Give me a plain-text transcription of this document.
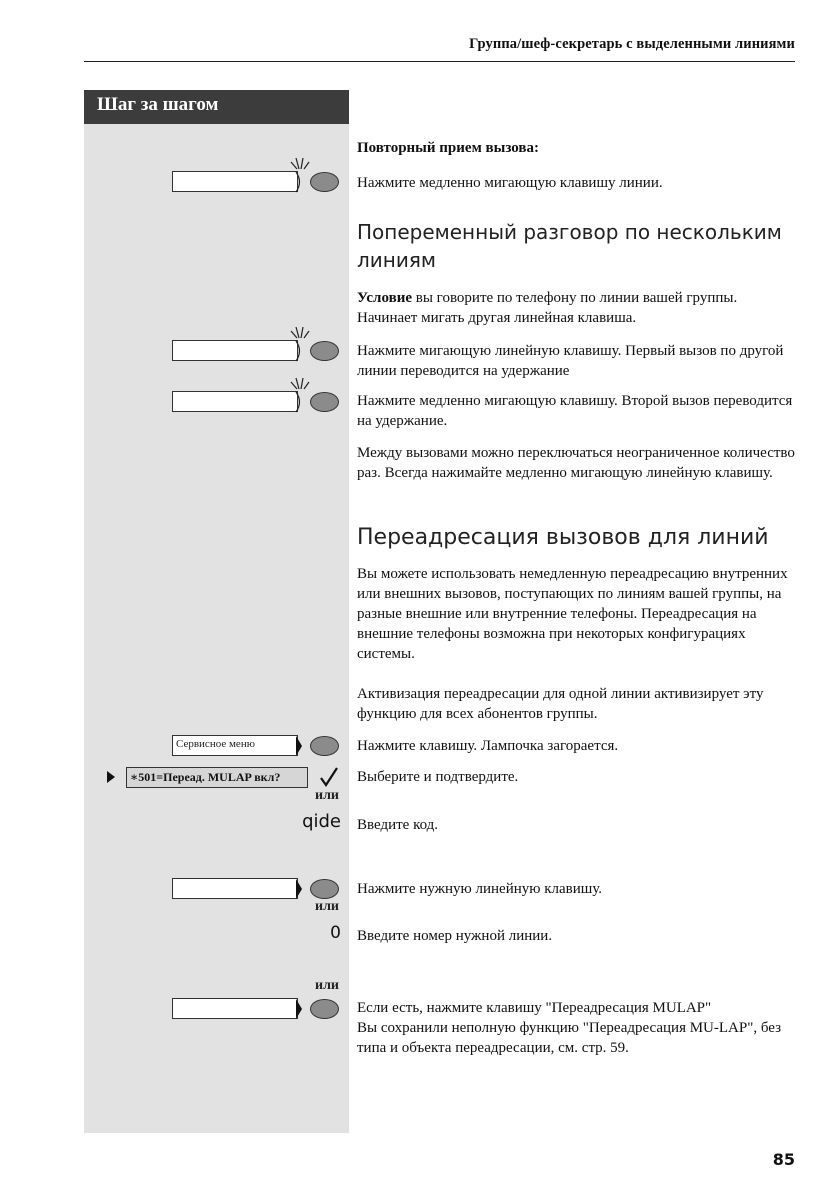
Группа/шеф-секретарь с выделенными линиями
Шаг за шагом
Сервисное меню
∗501=Переад. MULAP вкл?
или
qide
или
0
или
Повторный прием вызова:
Нажмите медленно мигающую клавишу линии.
Попеременный разговор по нескольким линиям
Условие вы говорите по телефону по линии вашей группы. Начинает мигать другая линейная клавиша.
Нажмите мигающую линейную клавишу. Первый вызов по другой линии переводится на удержание
Нажмите медленно мигающую клавишу. Второй вызов переводится на удержание.
Между вызовами можно переключаться неограниченное количество раз. Всегда нажимайте медленно мигающую линейную клавишу.
Переадресация вызовов для линий
Вы можете использовать немедленную переадресацию внутренних или внешних вызовов, поступающих по линиям вашей группы, на разные внешние или внутренние телефоны. Переадресация на внешние телефоны возможна при некоторых конфигурациях системы.
Активизация переадресации для одной линии активизирует эту функцию для всех абонентов группы.
Нажмите клавишу. Лампочка загорается.
Выберите и подтвердите.
Введите код.
Нажмите нужную линейную клавишу.
Введите номер нужной линии.
Если есть, нажмите клавишу "Переадресация MULAP"
Вы сохранили неполную функцию "Переадресация MU-LAP", без типа и объекта переадресации, см. стр. 59.
85
